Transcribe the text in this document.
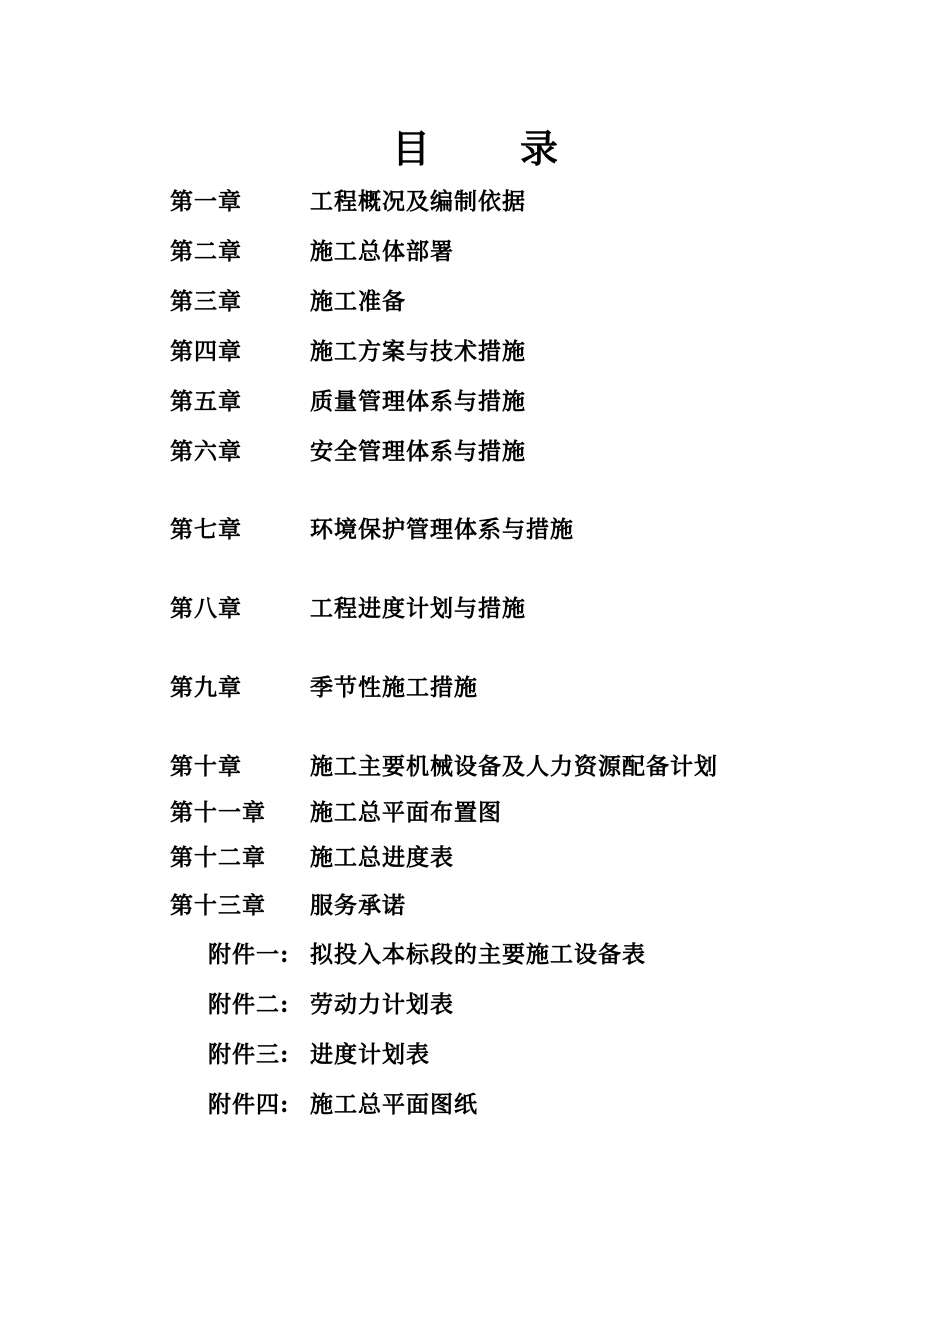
目 录
第一章	工程概况及编制依据
第二章	施工总体部署
第三章	施工准备
第四章	施工方案与技术措施
第五章	质量管理体系与措施
第六章	安全管理体系与措施
第七章	环境保护管理体系与措施
第八章	工程进度计划与措施
第九章	季节性施工措施
第十章	施工主要机械设备及人力资源配备计划
第十一章 施工总平面布置图
第十二章 施工总进度表
第十三章 服务承诺
附件一: 拟投入本标段的主要施工设备表
附件二: 劳动力计划表
附件三: 进度计划表
附件四: 施工总平面图纸
